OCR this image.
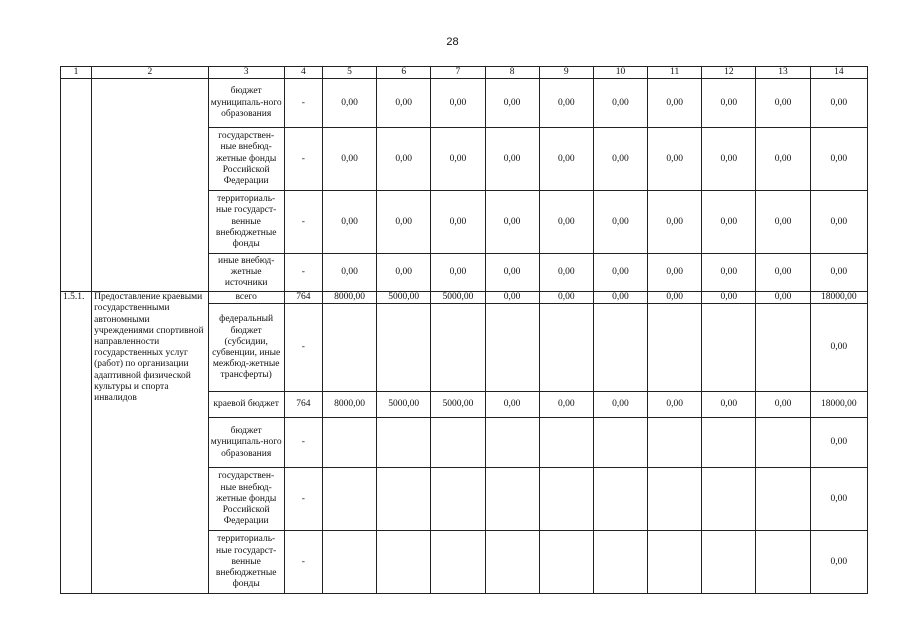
28
1	2	3	4	5	6	7	8	9	10	11	12	13	14
		бюджет муниципаль-ного образования	-	0,00	0,00	0,00	0,00	0,00	0,00	0,00	0,00	0,00	0,00
		государствен-ные внебюд-жетные фонды Российской Федерации	-	0,00	0,00	0,00	0,00	0,00	0,00	0,00	0,00	0,00	0,00
		территориаль-ные государст-венные внебюджетные фонды	-	0,00	0,00	0,00	0,00	0,00	0,00	0,00	0,00	0,00	0,00
		иные внебюд-жетные источники	-	0,00	0,00	0,00	0,00	0,00	0,00	0,00	0,00	0,00	0,00
1.5.1.	Предоставление краевыми государственными автономными учреждениями спортивной направленности государственных услуг (работ) по организации адаптивной физической культуры и спорта инвалидов	всего	764	8000,00	5000,00	5000,00	0,00	0,00	0,00	0,00	0,00	0,00	18000,00
		федеральный бюджет (субсидии, субвенции, иные межбюд-жетные трансферты)	-										0,00
		краевой бюджет	764	8000,00	5000,00	5000,00	0,00	0,00	0,00	0,00	0,00	0,00	18000,00
		бюджет муниципаль-ного образования	-										0,00
		государствен-ные внебюд-жетные фонды Российской Федерации	-										0,00
		территориаль-ные государст-венные внебюджетные фонды	-										0,00
